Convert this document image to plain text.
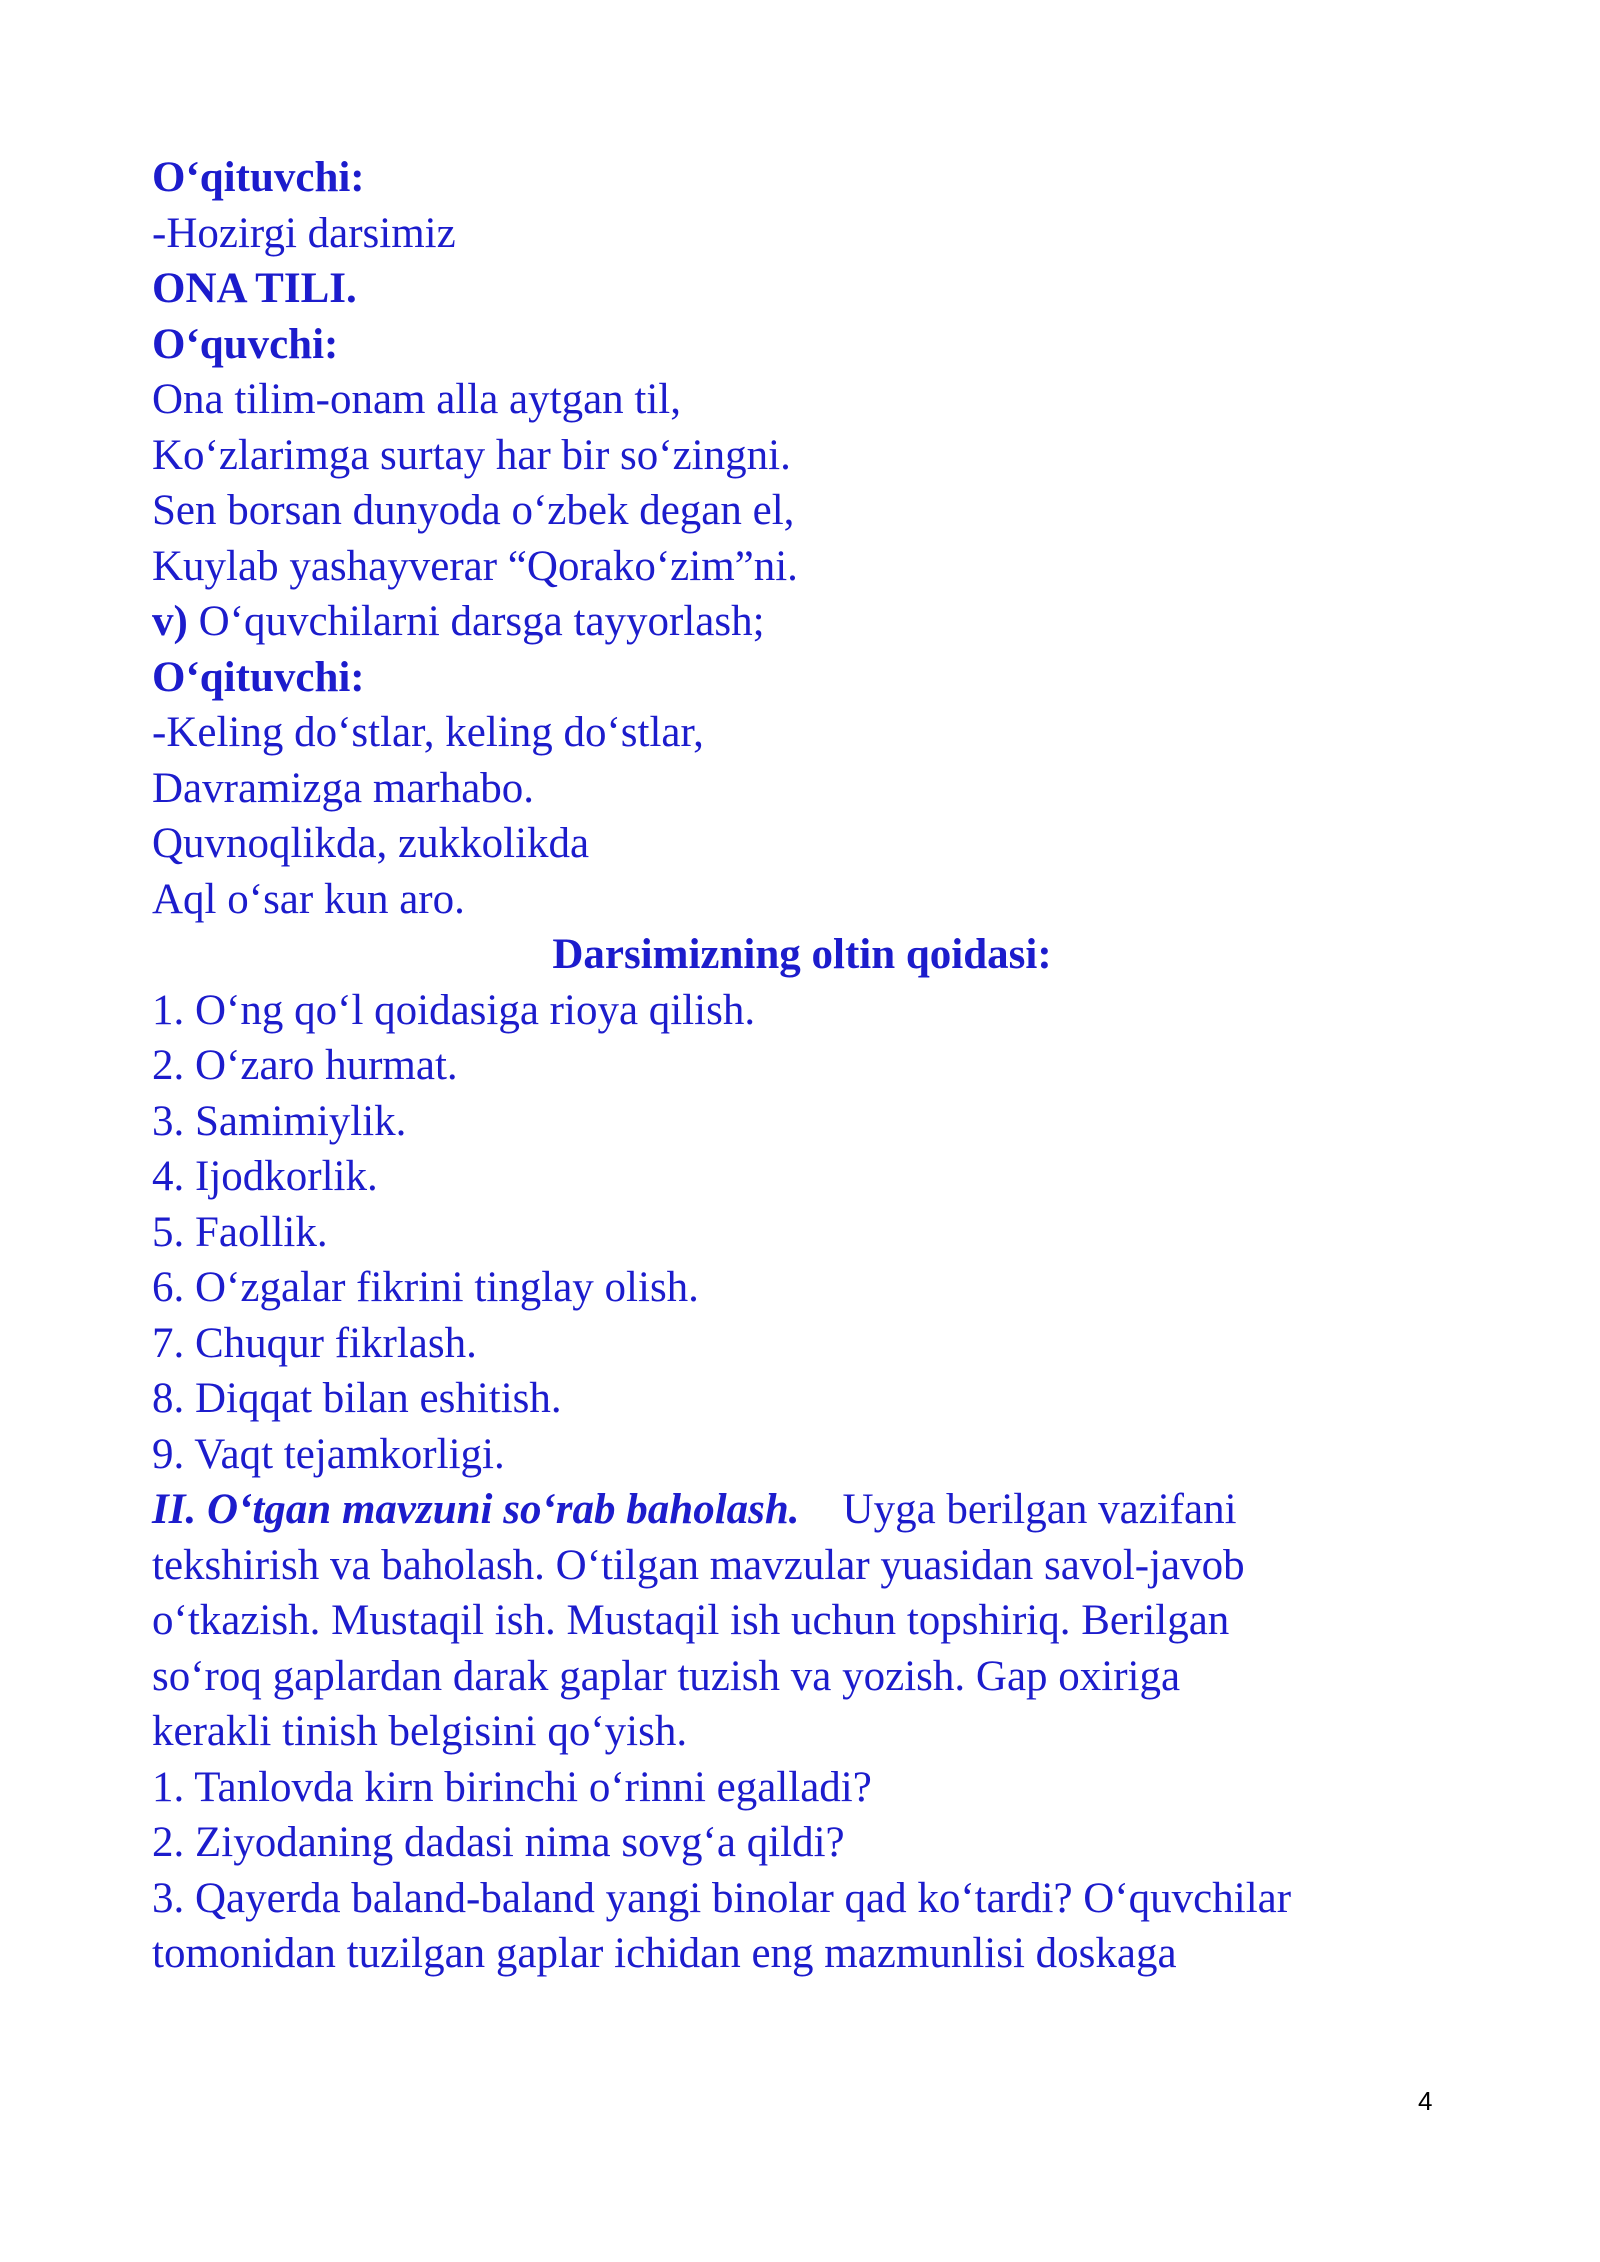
O‘qituvchi:
-Hozirgi darsimiz
ONA TILI.
O‘quvchi:
Ona tilim-onam alla aytgan til,
Ko‘zlarimga surtay har bir so‘zingni.
Sen borsan dunyoda o‘zbek degan el,
Kuylab yashayverar “Qorako‘zim”ni.
v) O‘quvchilarni darsga tayyorlash;
O‘qituvchi:
-Keling do‘stlar, keling do‘stlar,
Davramizga marhabo.
Quvnoqlikda, zukkolikda
Aql o‘sar kun aro.
Darsimizning oltin qoidasi:
1. O‘ng qo‘l qoidasiga rioya qilish.
2. O‘zaro hurmat.
3. Samimiylik.
4. Ijodkorlik.
5. Faollik.
6. O‘zgalar fikrini tinglay olish.
7. Chuqur fikrlash.
8. Diqqat bilan eshitish.
9. Vaqt tejamkorligi.
II. O‘tgan mavzuni so‘rab baholash. Uyga berilgan vazifani
tekshirish va baholash. O‘tilgan mavzular yuasidan savol-javob
o‘tkazish. Mustaqil ish. Mustaqil ish uchun topshiriq. Berilgan
so‘roq gaplardan darak gaplar tuzish va yozish. Gap oxiriga
kerakli tinish belgisini qo‘yish.
1. Tanlovda kirn birinchi o‘rinni egalladi?
2. Ziyodaning dadasi nima sovg‘a qildi?
3. Qayerda baland-baland yangi binolar qad ko‘tardi? O‘quvchilar
tomonidan tuzilgan gaplar ichidan eng mazmunlisi doskaga
4
